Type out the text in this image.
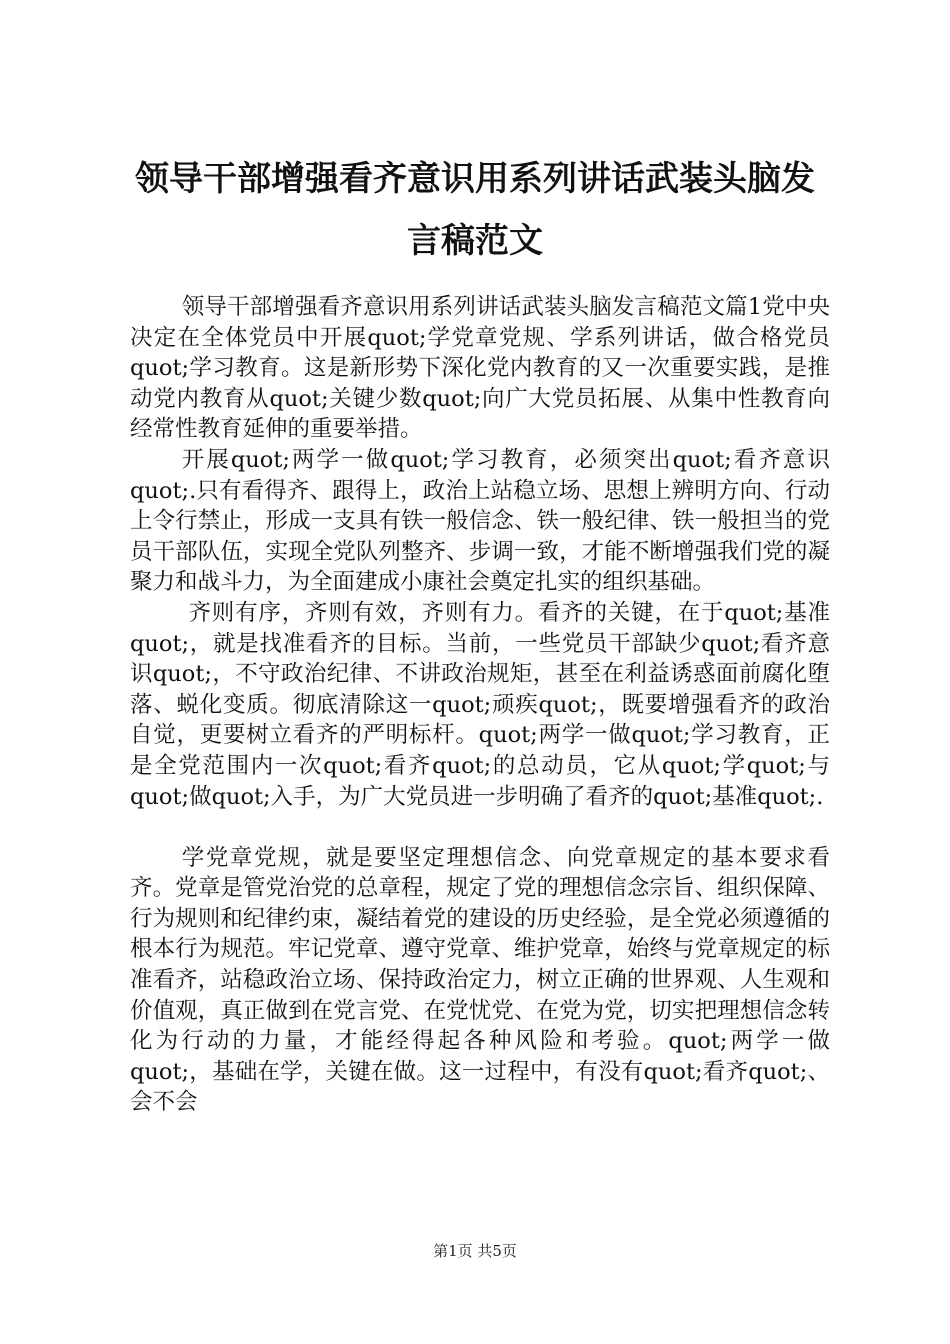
领导干部增强看齐意识用系列讲话武装头脑发
言稿范文

领导干部增强看齐意识用系列讲话武装头脑发言稿范文篇1党中央决定在全体党员中开展quot;学党章党规、学系列讲话，做合格党员quot;学习教育。这是新形势下深化党内教育的又一次重要实践，是推动党内教育从quot;关键少数quot;向广大党员拓展、从集中性教育向经常性教育延伸的重要举措。

开展quot;两学一做quot;学习教育，必须突出quot;看齐意识quot;.只有看得齐、跟得上，政治上站稳立场、思想上辨明方向、行动上令行禁止，形成一支具有铁一般信念、铁一般纪律、铁一般担当的党员干部队伍，实现全党队列整齐、步调一致，才能不断增强我们党的凝聚力和战斗力，为全面建成小康社会奠定扎实的组织基础。

齐则有序，齐则有效，齐则有力。看齐的关键，在于quot;基准quot;，就是找准看齐的目标。当前，一些党员干部缺少quot;看齐意识quot;，不守政治纪律、不讲政治规矩，甚至在利益诱惑面前腐化堕落、蜕化变质。彻底清除这一quot;顽疾quot;，既要增强看齐的政治自觉，更要树立看齐的严明标杆。quot;两学一做quot;学习教育，正是全党范围内一次quot;看齐quot;的总动员，它从quot;学quot;与quot;做quot;入手，为广大党员进一步明确了看齐的quot;基准quot;.

学党章党规，就是要坚定理想信念、向党章规定的基本要求看齐。党章是管党治党的总章程，规定了党的理想信念宗旨、组织保障、行为规则和纪律约束，凝结着党的建设的历史经验，是全党必须遵循的根本行为规范。牢记党章、遵守党章、维护党章，始终与党章规定的标准看齐，站稳政治立场、保持政治定力，树立正确的世界观、人生观和价值观，真正做到在党言党、在党忧党、在党为党，切实把理想信念转化为行动的力量，才能经得起各种风险和考验。quot;两学一做quot;，基础在学，关键在做。这一过程中，有没有quot;看齐quot;、会不会

第1页 共5页
